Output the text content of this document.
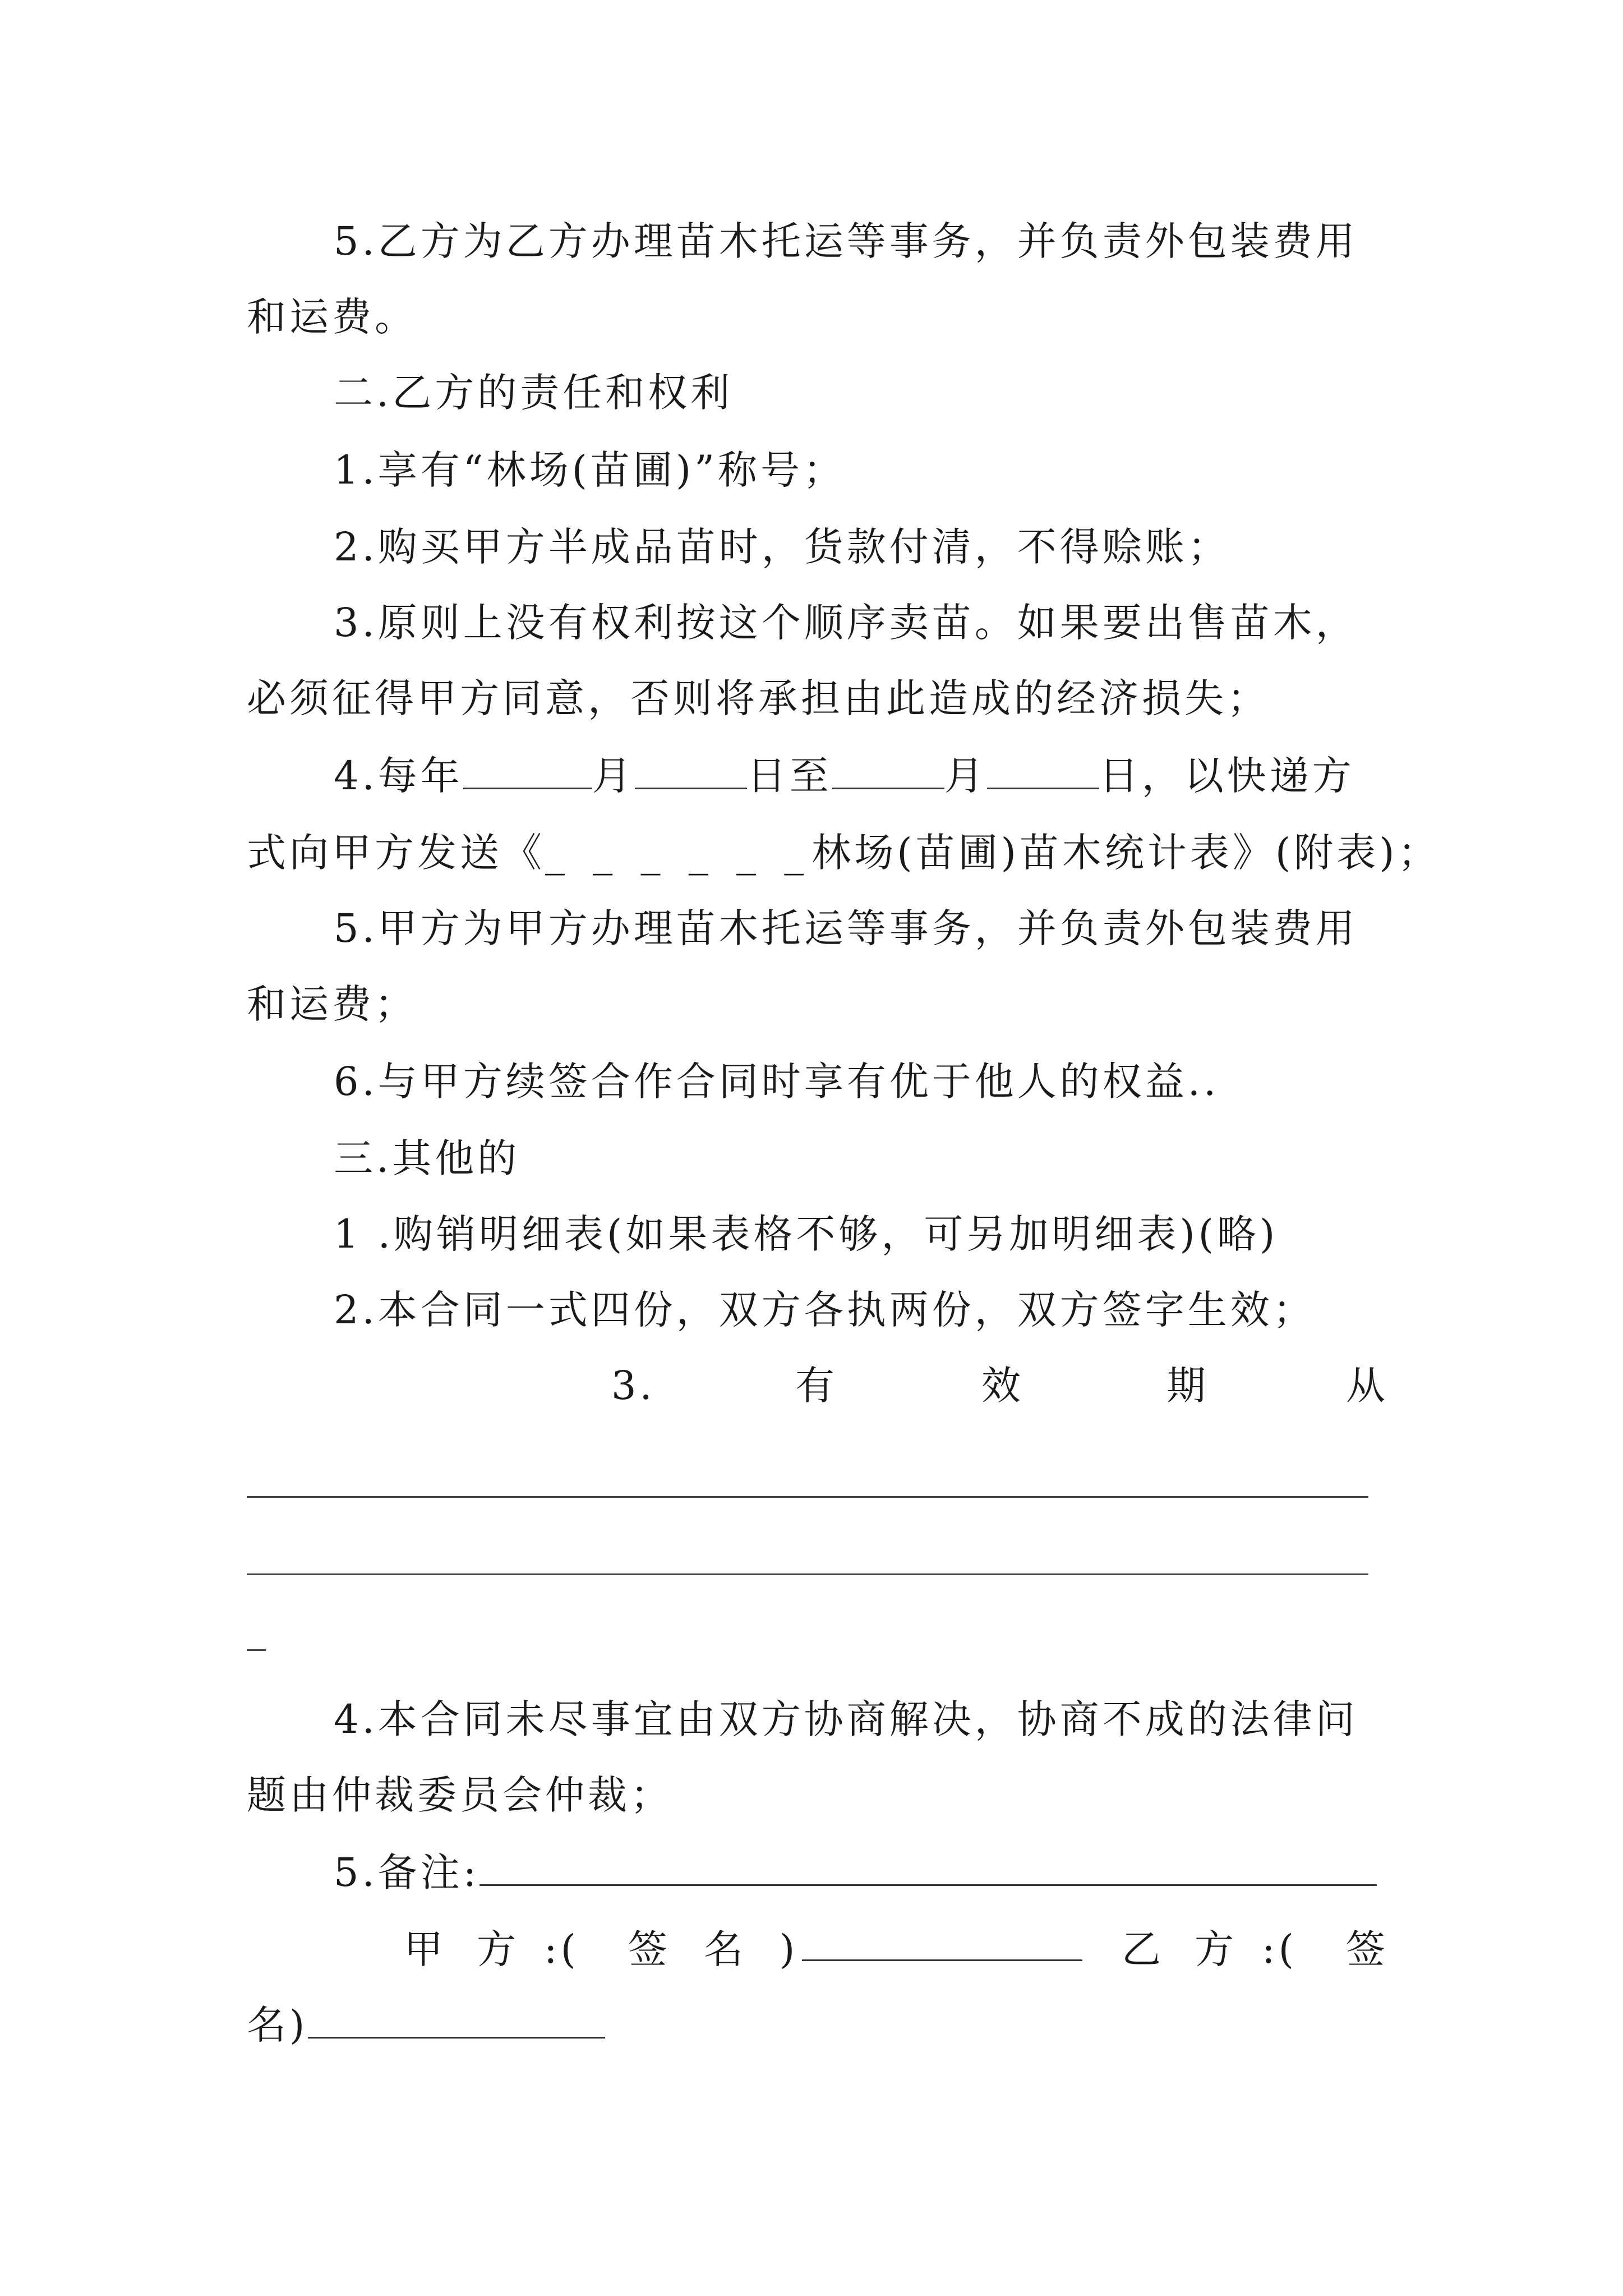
5.乙方为乙方办理苗木托运等事务，并负责外包装费用
和运费。
二.乙方的责任和权利
1.享有“林场(苗圃)”称号；
2.购买甲方半成品苗时，货款付清，不得赊账；
3.原则上没有权利按这个顺序卖苗。如果要出售苗木，
必须征得甲方同意，否则将承担由此造成的经济损失；
4.每年	月	日至	月	日，以快递方
式向甲方发送《_ _ _ _ _ _林场(苗圃)苗木统计表》(附表)；
5.甲方为甲方办理苗木托运等事务，并负责外包装费用
和运费；
6.与甲方续签合作合同时享有优于他人的权益..
三.其他的
1 .购销明细表(如果表格不够，可另加明细表)(略)
2.本合同一式四份，双方各执两份，双方签字生效；
3.	有	效	期	从
4.本合同未尽事宜由双方协商解决，协商不成的法律问
题由仲裁委员会仲裁；
5.备注:
甲 方 :( 签 名 )	乙 方 :( 签
名)
